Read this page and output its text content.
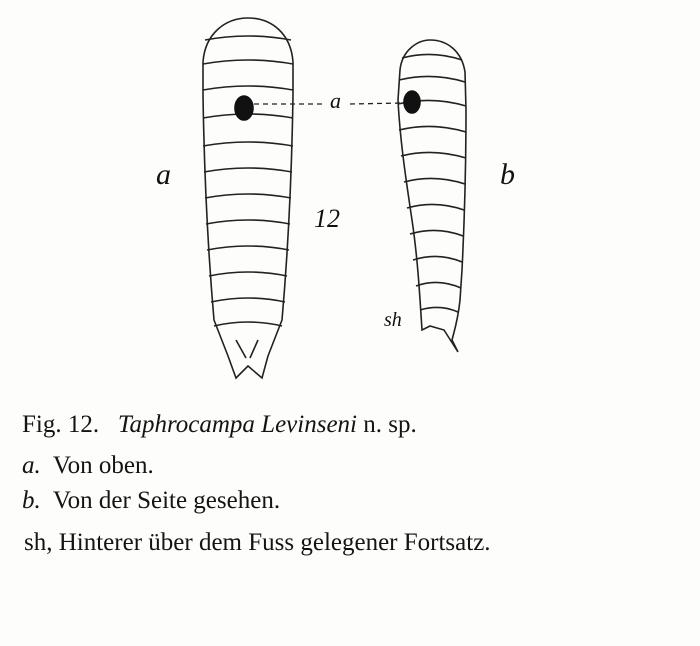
a	b
12
a
sh
Fig. 12. Taphrocampa Levinseni n. sp.
a. Von oben.
b. Von der Seite gesehen.
sh, Hinterer über dem Fuss gelegener Fortsatz.
